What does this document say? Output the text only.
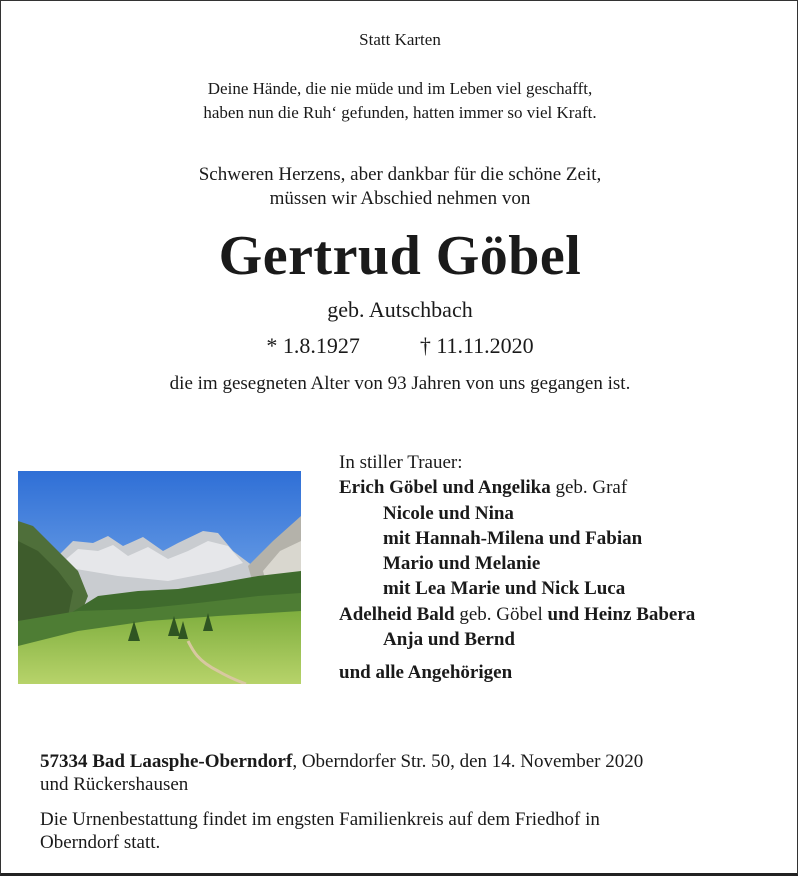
Statt Karten
Deine Hände, die nie müde und im Leben viel geschafft,
haben nun die Ruh‘ gefunden, hatten immer so viel Kraft.
Schweren Herzens, aber dankbar für die schöne Zeit,
müssen wir Abschied nehmen von
Gertrud Göbel
geb. Autschbach
* 1.8.1927	† 11.11.2020
die im gesegneten Alter von 93 Jahren von uns gegangen ist.
In stiller Trauer:
Erich Göbel und Angelika geb. Graf
Nicole und Nina
mit Hannah-Milena und Fabian
Mario und Melanie
mit Lea Marie und Nick Luca
Adelheid Bald geb. Göbel und Heinz Babera
Anja und Bernd
und alle Angehörigen
57334 Bad Laasphe-Oberndorf, Oberndorfer Str. 50, den 14. November 2020
und Rückershausen
Die Urnenbestattung findet im engsten Familienkreis auf dem Friedhof in
Oberndorf statt.
